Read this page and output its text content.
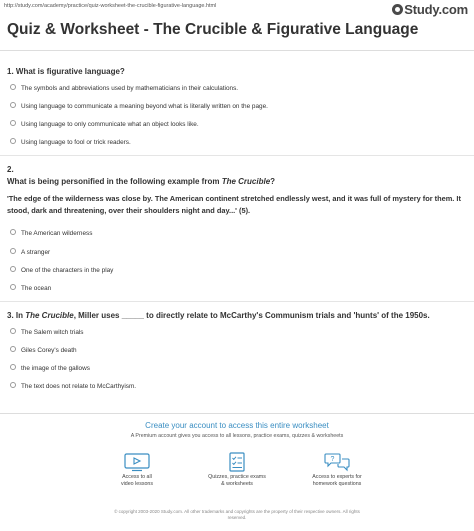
http://study.com/academy/practice/quiz-worksheet-the-crucible-figurative-language.html	Study.com
Quiz & Worksheet - The Crucible & Figurative Language
1. What is figurative language?
The symbols and abbreviations used by mathematicians in their calculations.
Using language to communicate a meaning beyond what is literally written on the page.
Using language to only communicate what an object looks like.
Using language to fool or trick readers.
2.
What is being personified in the following example from The Crucible?
'The edge of the wilderness was close by. The American continent stretched endlessly west, and it was full of mystery for them. It stood, dark and threatening, over their shoulders night and day...' (5).
The American wilderness
A stranger
One of the characters in the play
The ocean
3. In The Crucible, Miller uses _____ to directly relate to McCarthy's Communism trials and 'hunts' of the 1950s.
The Salem witch trials
Giles Corey's death
the image of the gallows
The text does not relate to McCarthyism.
Create your account to access this entire worksheet
A Premium account gives you access to all lessons, practice exams, quizzes & worksheets
Access to all
video lessons
Quizzes, practice exams
& worksheets
?
Access to experts for
homework questions
© copyright 2003-2020 Study.com. All other trademarks and copyrights are the property of their respective owners. All rights
reserved.
